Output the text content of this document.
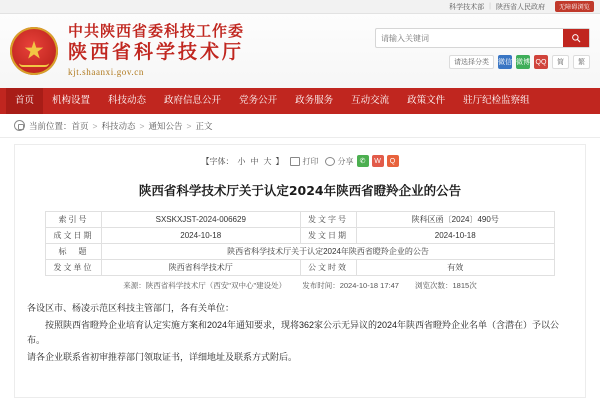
科学技术部 | 陕西省人民政府	无障碍浏览
★
中共陕西省委科技工作委
陕西省科学技术厅
kjt.shaanxi.gov.cn
请输入关键词
请选择分类	微信 微博 QQ	简	繁
首页	机构设置	科技动态	政府信息公开	党务公开	政务服务	互动交流	政策文件	驻厅纪检监察组
当前位置： 首页 > 科技动态 > 通知公告 > 正文
【字体： 小 中 大 】 打印 分享 ✆	W	Q
陕西省科学技术厅关于认定2024年陕西省瞪羚企业的公告
索引号	SXSKXJST-2024-006629	发文字号	陕科区函〔2024〕490号
成文日期	2024-10-18	发文日期	2024-10-18
标　题	陕西省科学技术厅关于认定2024年陕西省瞪羚企业的公告		
发文单位	陕西省科学技术厅	公文时效	有效
来源：陕西省科学技术厅（西安"双中心"建设处） 发布时间：2024-10-18 17:47 浏览次数：1815次

各设区市、杨凌示范区科技主管部门，各有关单位：

按照陕西省瞪羚企业培育认定实施方案和2024年通知要求，现将362家公示无异议的2024年陕西省瞪羚企业名单（含潜在）予以公布。

请各企业联系省初审推荐部门领取证书，详细地址及联系方式附后。
